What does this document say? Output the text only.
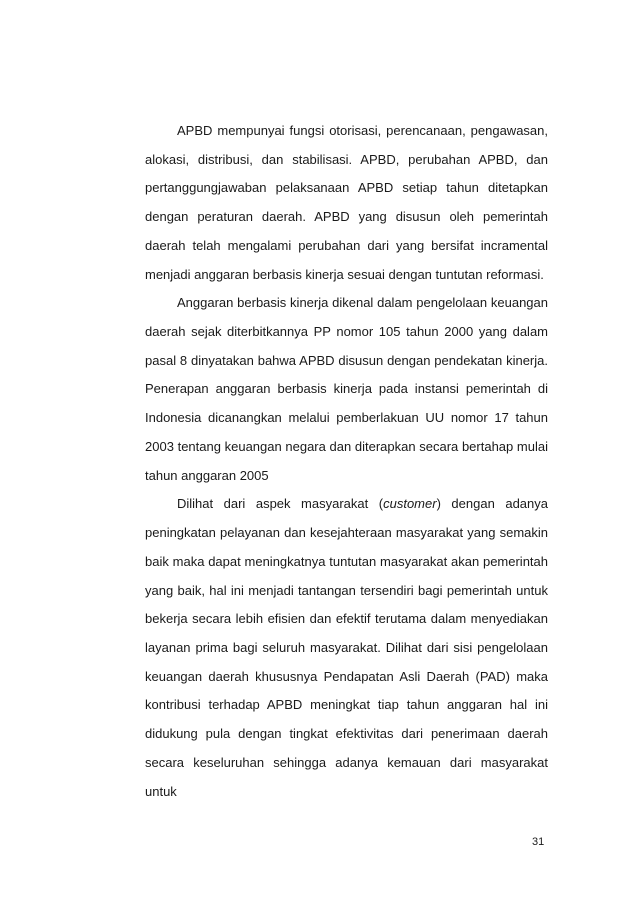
APBD mempunyai fungsi otorisasi, perencanaan, pengawasan, alokasi, distribusi, dan stabilisasi. APBD, perubahan APBD, dan pertanggungjawaban pelaksanaan APBD setiap tahun ditetapkan dengan peraturan daerah. APBD yang disusun oleh pemerintah daerah telah mengalami perubahan dari yang bersifat incramental menjadi anggaran berbasis kinerja sesuai dengan tuntutan reformasi.

Anggaran berbasis kinerja dikenal dalam pengelolaan keuangan daerah sejak diterbitkannya PP nomor 105 tahun 2000 yang dalam pasal 8 dinyatakan bahwa APBD disusun dengan pendekatan kinerja. Penerapan anggaran berbasis kinerja pada instansi pemerintah di Indonesia dicanangkan melalui pemberlakuan UU nomor 17 tahun 2003 tentang keuangan negara dan diterapkan secara bertahap mulai tahun anggaran 2005

Dilihat dari aspek masyarakat (customer) dengan adanya peningkatan pelayanan dan kesejahteraan masyarakat yang semakin baik maka dapat meningkatnya tuntutan masyarakat akan pemerintah yang baik, hal ini menjadi tantangan tersendiri bagi pemerintah untuk bekerja secara lebih efisien dan efektif terutama dalam menyediakan layanan prima bagi seluruh masyarakat. Dilihat dari sisi pengelolaan keuangan daerah khususnya Pendapatan Asli Daerah (PAD) maka kontribusi terhadap APBD meningkat tiap tahun anggaran hal ini didukung pula dengan tingkat efektivitas dari penerimaan daerah secara keseluruhan sehingga adanya kemauan dari masyarakat untuk

31
